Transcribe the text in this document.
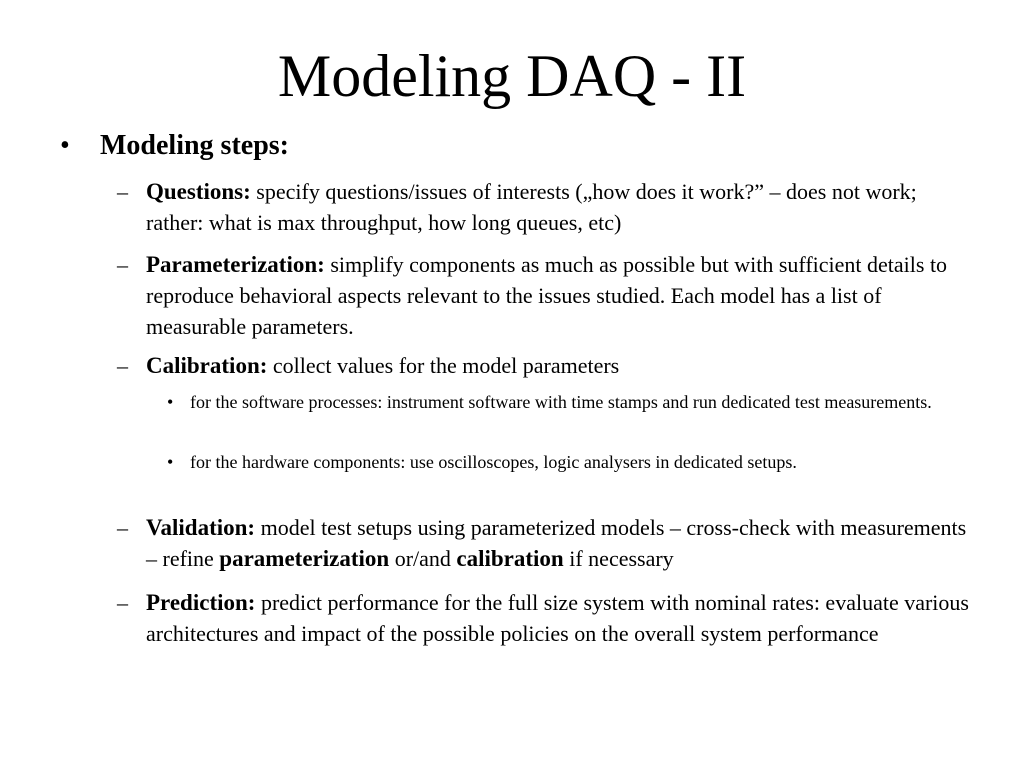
Modeling DAQ - II
• Modeling steps:
– Questions: specify questions/issues of interests („how does it work?” – does not work; rather: what is max throughput, how long queues, etc)
– Parameterization: simplify components as much as possible but with sufficient details to reproduce behavioral aspects relevant to the issues studied. Each model has a list of measurable parameters.
– Calibration: collect values for the model parameters
• for the software processes: instrument software with time stamps and run dedicated test measurements.
• for the hardware components: use oscilloscopes, logic analysers in dedicated setups.
– Validation: model test setups using parameterized models – cross-check with measurements – refine parameterization or/and calibration if necessary
– Prediction: predict performance for the full size system with nominal rates: evaluate various architectures and impact of the possible policies on the overall system performance
